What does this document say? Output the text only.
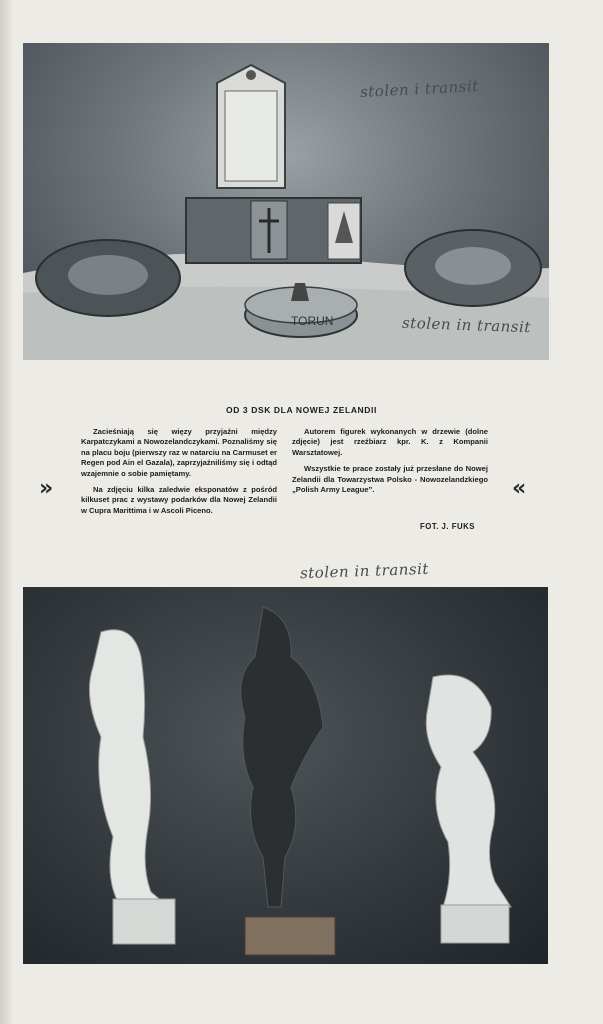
TORUN
stolen i transit
stolen in transit
OD 3 DSK DLA NOWEJ ZELANDII
»	«

Zacieśniają się więzy przyjaźni między Karpatczykami a Nowozelandczykami. Poznaliśmy się na placu boju (pierwszy raz w natarciu na Carmuset er Regen pod Ain el Gazala), zaprzyjaźniliśmy się i odtąd wzajemnie o sobie pamiętamy.

Na zdjęciu kilka zaledwie eksponatów z pośród kilkuset prac z wystawy podarków dla Nowej Zelandii w Cupra Marittima i w Ascoli Piceno.

Autorem figurek wykonanych w drzewie (dolne zdjęcie) jest rzeźbiarz kpr. K. z Kompanii Warsztatowej.

Wszystkie te prace zostały już przesłane do Nowej Zelandii dla Towarzystwa Polsko - Nowozelandzkiego „Polish Army League”.

FOT. J. FUKS
stolen in transit
